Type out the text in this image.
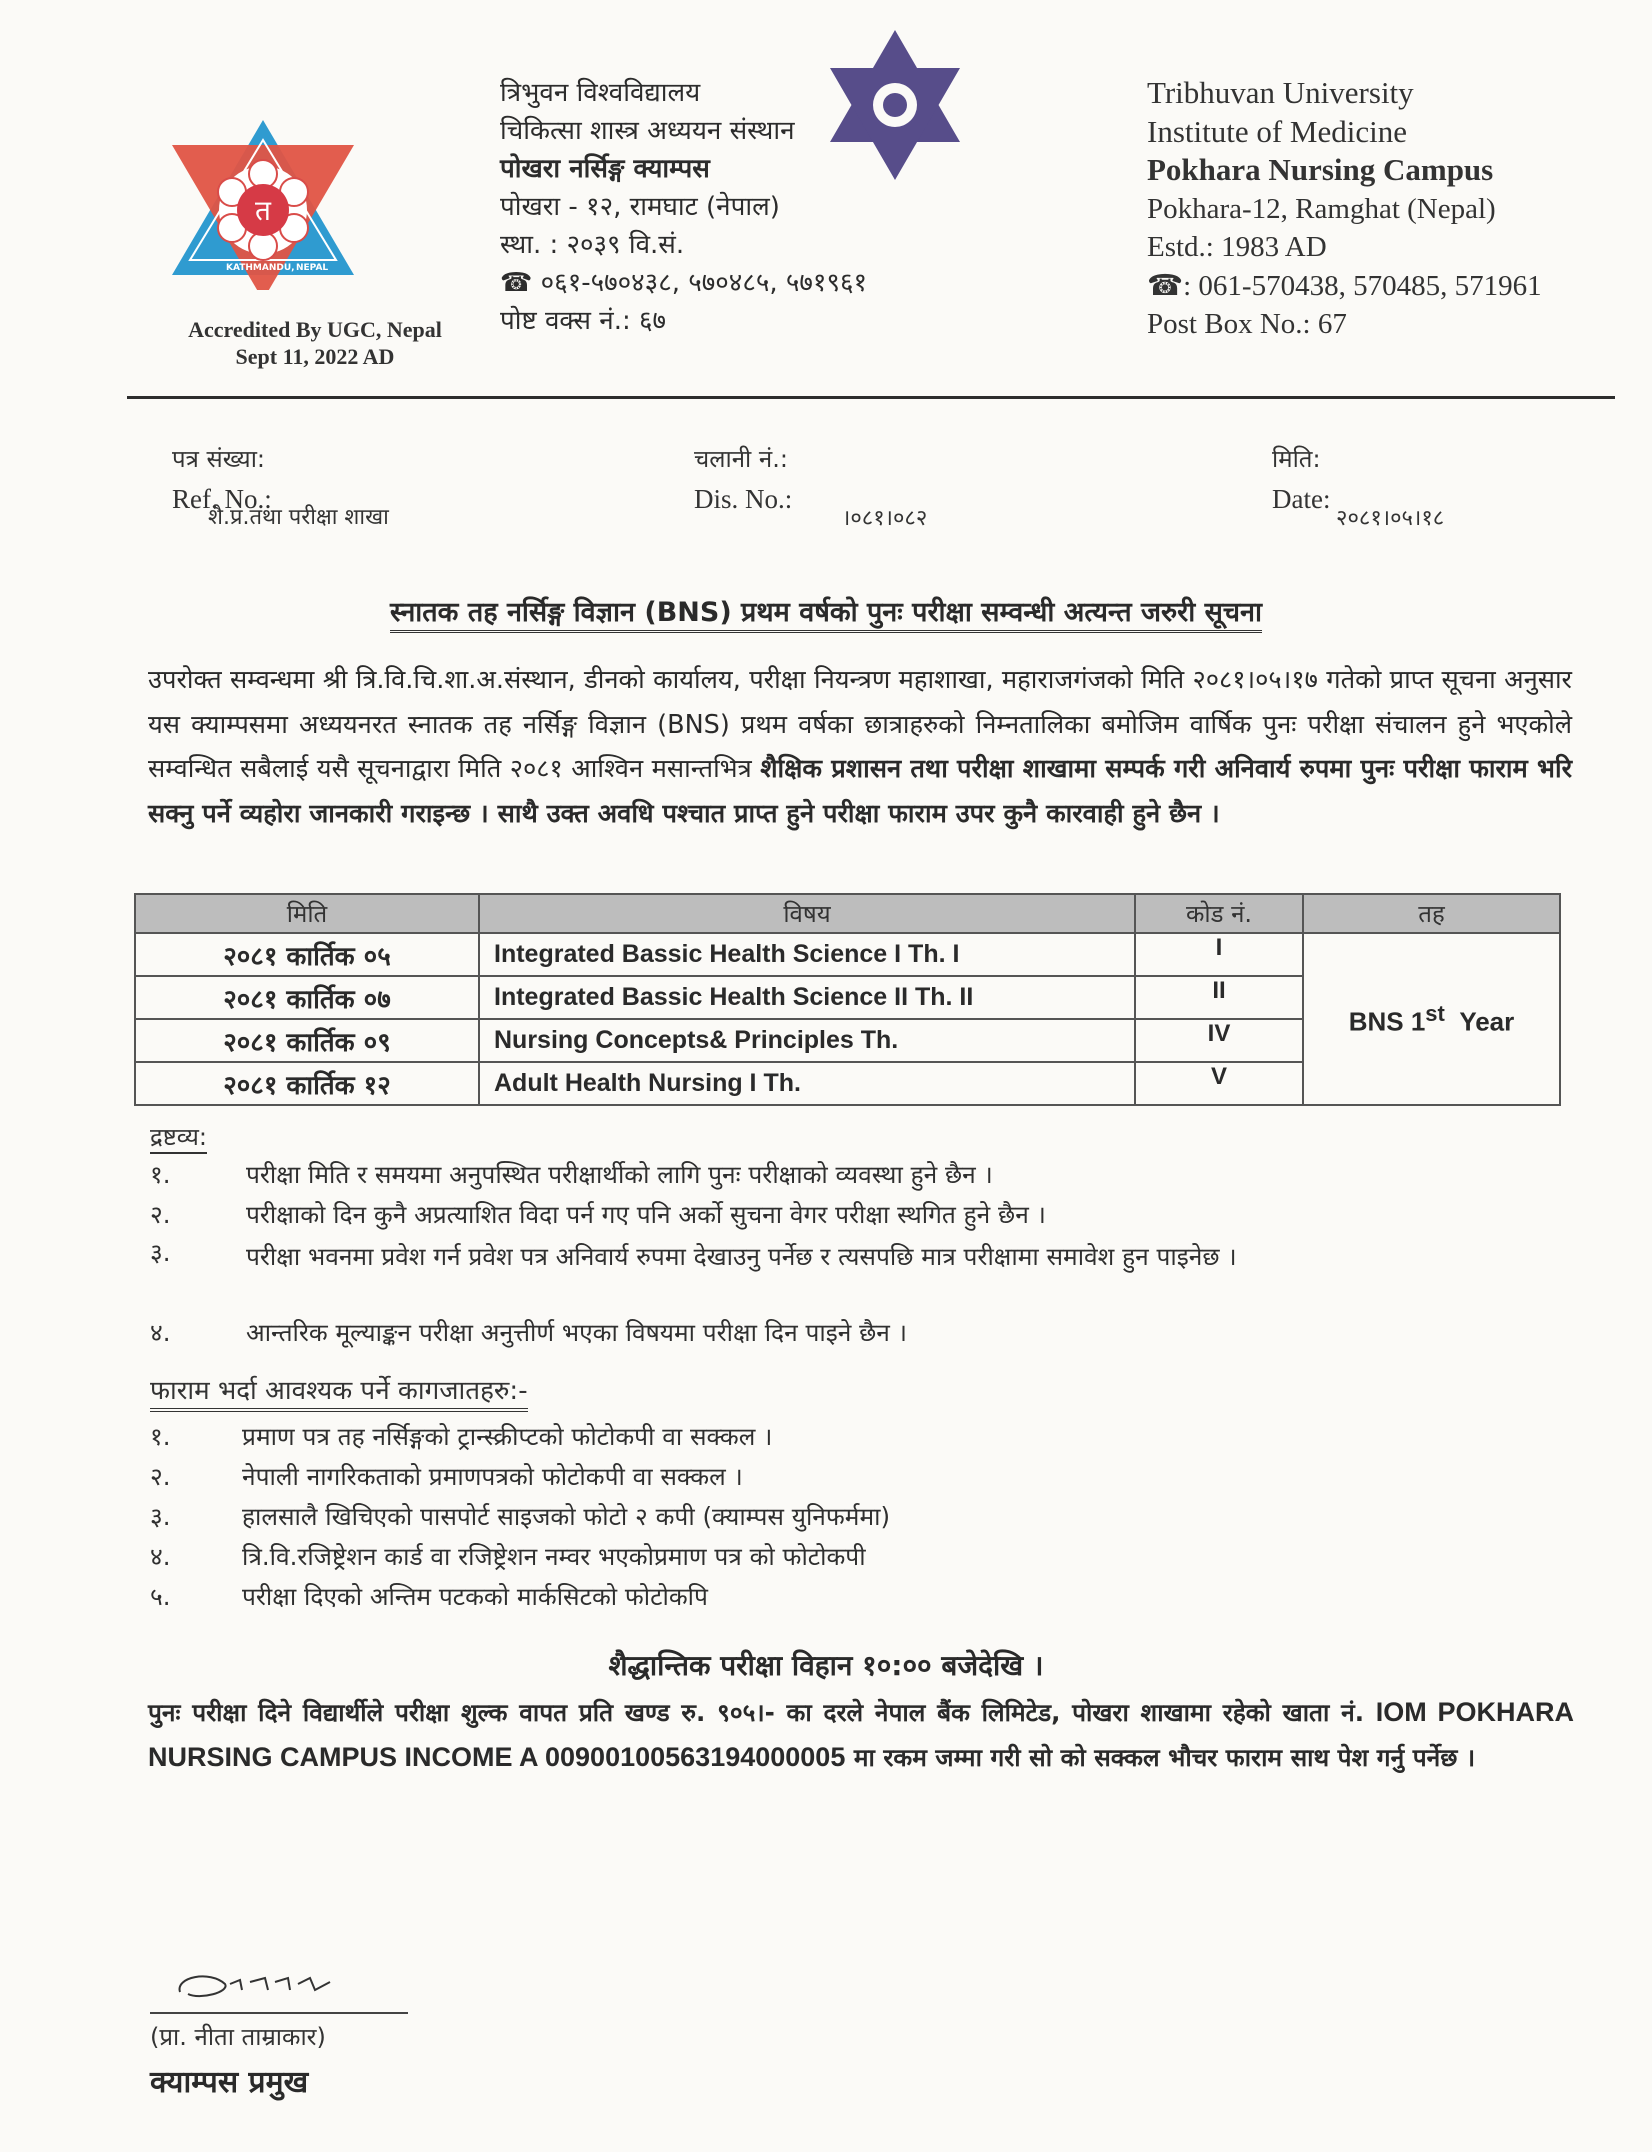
त
KATHMANDU, NEPAL
Accredited By UGC, Nepal
Sept 11, 2022 AD
त्रिभुवन विश्वविद्यालय
चिकित्सा शास्त्र अध्ययन संस्थान
पोखरा नर्सिङ्ग क्याम्पस
पोखरा - १२, रामघाट (नेपाल)
स्था. : २०३९ वि.सं.
☎ ०६१-५७०४३८, ५७०४८५, ५७१९६१
पोष्ट वक्स नं.: ६७
Tribhuvan University
Institute of Medicine
Pokhara Nursing Campus
Pokhara-12, Ramghat (Nepal)
Estd.: 1983 AD
☎: 061-570438, 570485, 571961
Post Box No.: 67
पत्र संख्या:
Ref. No.:
शै.प्र.तथा परीक्षा शाखा
चलानी नं.:
Dis. No.:
।०८१।०८२
मिति:
Date:
२०८१।०५।१८
स्नातक तह नर्सिङ्ग विज्ञान (BNS) प्रथम वर्षको पुनः परीक्षा सम्वन्धी अत्यन्त जरुरी सूचना
उपरोक्त सम्वन्धमा श्री त्रि.वि.चि.शा.अ.संस्थान, डीनको कार्यालय, परीक्षा नियन्त्रण महाशाखा, महाराजगंजको मिति २०८१।०५।१७ गतेको प्राप्त सूचना अनुसार यस क्याम्पसमा अध्ययनरत स्नातक तह नर्सिङ्ग विज्ञान (BNS) प्रथम वर्षका छात्राहरुको निम्नतालिका बमोजिम वार्षिक पुनः परीक्षा संचालन हुने भएकोले सम्वन्धित सबैलाई यसै सूचनाद्वारा मिति २०८१ आश्विन मसान्तभित्र शैक्षिक प्रशासन तथा परीक्षा शाखामा सम्पर्क गरी अनिवार्य रुपमा पुनः परीक्षा फाराम भरि सक्नु पर्ने व्यहोरा जानकारी गराइन्छ । साथै उक्त अवधि पश्चात प्राप्त हुने परीक्षा फाराम उपर कुनै कारवाही हुने छैन ।
मिति	विषय	कोड नं.	तह
२०८१ कार्तिक ०५	Integrated Bassic Health Science I Th. I	I	BNS 1st Year
२०८१ कार्तिक ०७	Integrated Bassic Health Science II Th. II	II	
२०८१ कार्तिक ०९	Nursing Concepts& Principles Th.	IV	
२०८१ कार्तिक १२	Adult Health Nursing I Th.	V	
द्रष्टव्य:
१.	परीक्षा मिति र समयमा अनुपस्थित परीक्षार्थीको लागि पुनः परीक्षाको व्यवस्था हुने छैन ।
२.	परीक्षाको दिन कुनै अप्रत्याशित विदा पर्न गए पनि अर्को सुचना वेगर परीक्षा स्थगित हुने छैन ।
३.	परीक्षा भवनमा प्रवेश गर्न प्रवेश पत्र अनिवार्य रुपमा देखाउनु पर्नेछ र त्यसपछि मात्र परीक्षामा समावेश हुन पाइनेछ ।
४.	आन्तरिक मूल्याङ्कन परीक्षा अनुत्तीर्ण भएका विषयमा परीक्षा दिन पाइने छैन ।
फाराम भर्दा आवश्यक पर्ने कागजातहरु:-
१.	प्रमाण पत्र तह नर्सिङ्गको ट्रान्स्क्रीप्टको फोटोकपी वा सक्कल ।
२.	नेपाली नागरिकताको प्रमाणपत्रको फोटोकपी वा सक्कल ।
३.	हालसालै खिचिएको पासपोर्ट साइजको फोटो २ कपी (क्याम्पस युनिफर्ममा)
४.	त्रि.वि.रजिष्ट्रेशन कार्ड वा रजिष्ट्रेशन नम्वर भएकोप्रमाण पत्र को फोटोकपी
५.	परीक्षा दिएको अन्तिम पटकको मार्कसिटको फोटोकपि
शैद्धान्तिक परीक्षा विहान १०:०० बजेदेखि ।
पुनः परीक्षा दिने विद्यार्थीले परीक्षा शुल्क वापत प्रति खण्ड रु. ९०५।- का दरले नेपाल बैंक लिमिटेड, पोखरा शाखामा रहेको खाता नं. IOM POKHARA NURSING CAMPUS INCOME A 00900100563194000005 मा रकम जम्मा गरी सो को सक्कल भौचर फाराम साथ पेश गर्नु पर्नेछ ।
(प्रा. नीता ताम्राकार)
क्याम्पस प्रमुख
